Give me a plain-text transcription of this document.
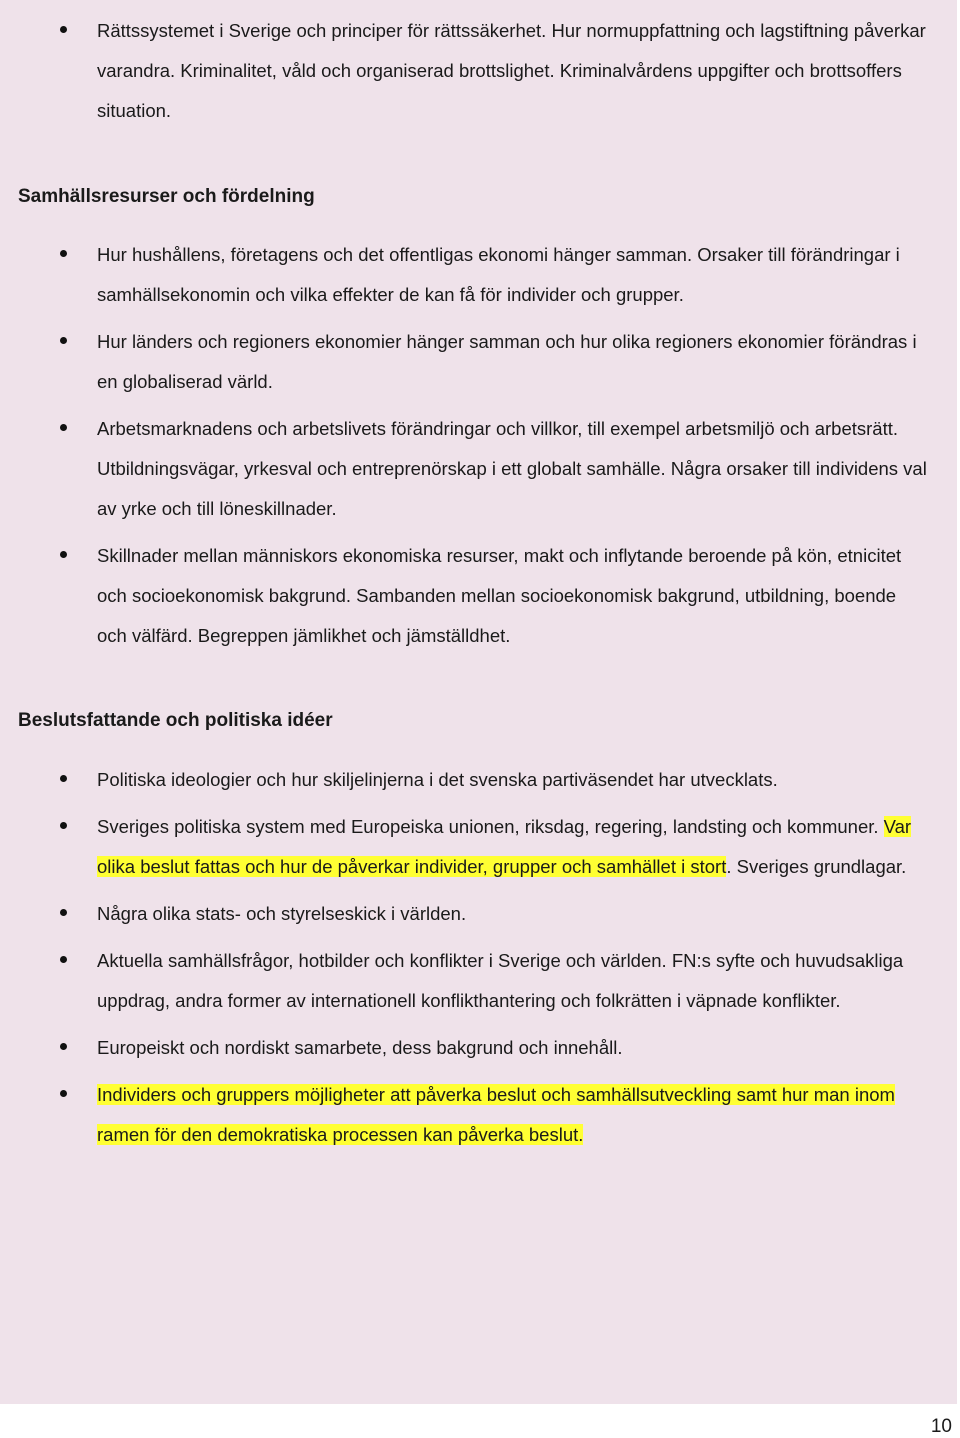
Rättssystemet i Sverige och principer för rättssäkerhet. Hur normuppfattning och lagstiftning påverkar varandra. Kriminalitet, våld och organiserad brottslighet. Kriminalvårdens uppgifter och brottsoffers situation.
Samhällsresurser och fördelning
Hur hushållens, företagens och det offentligas ekonomi hänger samman. Orsaker till förändringar i samhällsekonomin och vilka effekter de kan få för individer och grupper.
Hur länders och regioners ekonomier hänger samman och hur olika regioners ekonomier förändras i en globaliserad värld.
Arbetsmarknadens och arbetslivets förändringar och villkor, till exempel arbetsmiljö och arbetsrätt. Utbildningsvägar, yrkesval och entreprenörskap i ett globalt samhälle. Några orsaker till individens val av yrke och till löneskillnader.
Skillnader mellan människors ekonomiska resurser, makt och inflytande beroende på kön, etnicitet och socioekonomisk bakgrund. Sambanden mellan socioekonomisk bakgrund, utbildning, boende och välfärd. Begreppen jämlikhet och jämställdhet.
Beslutsfattande och politiska idéer
Politiska ideologier och hur skiljelinjerna i det svenska partiväsendet har utvecklats.
Sveriges politiska system med Europeiska unionen, riksdag, regering, landsting och kommuner. Var olika beslut fattas och hur de påverkar individer, grupper och samhället i stort. Sveriges grundlagar.
Några olika stats- och styrelseskick i världen.
Aktuella samhällsfrågor, hotbilder och konflikter i Sverige och världen. FN:s syfte och huvudsakliga uppdrag, andra former av internationell konflikthantering och folkrätten i väpnade konflikter.
Europeiskt och nordiskt samarbete, dess bakgrund och innehåll.
Individers och gruppers möjligheter att påverka beslut och samhällsutveckling samt hur man inom ramen för den demokratiska processen kan påverka beslut.
10
